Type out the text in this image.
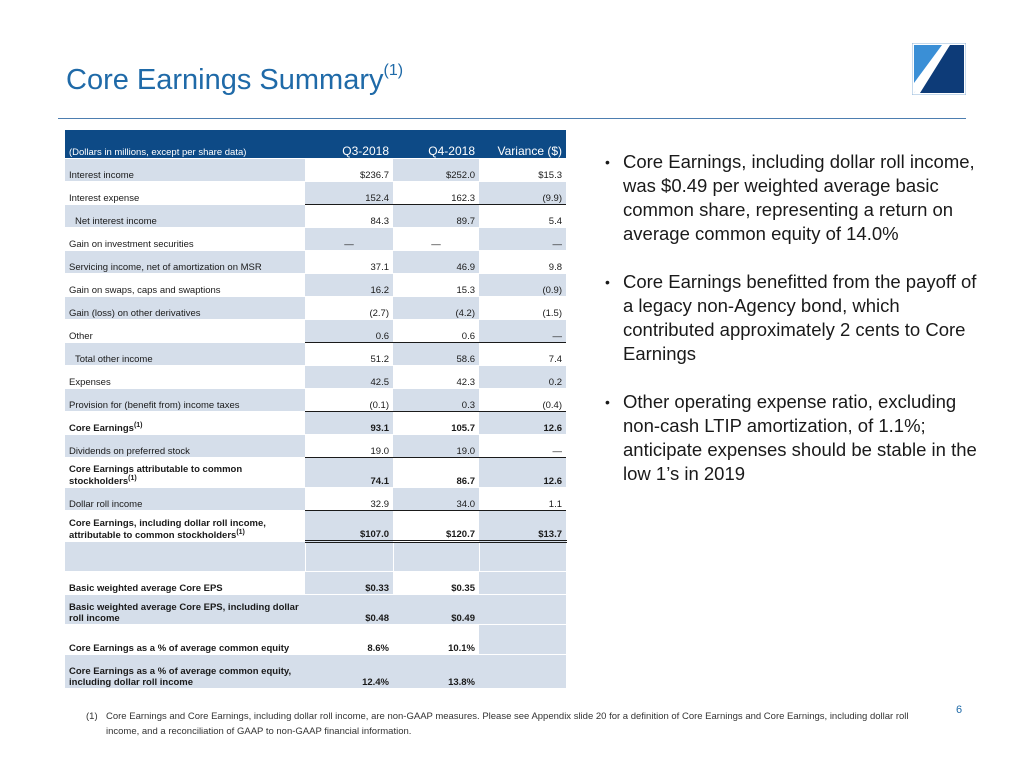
Core Earnings Summary$^{(1)}$
(Dollars in millions, except per share data)	Q3-2018	Q4-2018	Variance ($)
Interest income	$236.7	$252.0	$15.3
Interest expense	152.4	162.3	(9.9)
Net interest income	84.3	89.7	5.4
Gain on investment securities	—	—	—
Servicing income, net of amortization on MSR	37.1	46.9	9.8
Gain on swaps, caps and swaptions	16.2	15.3	(0.9)
Gain (loss) on other derivatives	(2.7)	(4.2)	(1.5)
Other	0.6	0.6	—
Total other income	51.2	58.6	7.4
Expenses	42.5	42.3	0.2
Provision for (benefit from) income taxes	(0.1)	0.3	(0.4)
Core Earnings$^{(1)}$	93.1	105.7	12.6
Dividends on preferred stock	19.0	19.0	—
Core Earnings attributable to common stockholders$^{(1)}$	74.1	86.7	12.6
Dollar roll income	32.9	34.0	1.1
Core Earnings, including dollar roll income, attributable to common stockholders$^{(1)}$	$107.0	$120.7	$13.7

Basic weighted average Core EPS	$0.33	$0.35	
Basic weighted average Core EPS, including dollar roll income	$0.48	$0.49	
Core Earnings as a % of average common equity	8.6%	10.1%	
Core Earnings as a % of average common equity, including dollar roll income	12.4%	13.8%	
• Core Earnings, including dollar roll income, was $0.49 per weighted average basic common share, representing a return on average common equity of 14.0%
• Core Earnings benefitted from the payoff of a legacy non-Agency bond, which contributed approximately 2 cents to Core Earnings
• Other operating expense ratio, excluding non-cash LTIP amortization, of 1.1%; anticipate expenses should be stable in the low 1’s in 2019
(1) Core Earnings and Core Earnings, including dollar roll income, are non-GAAP measures. Please see Appendix slide 20 for a definition of Core Earnings and Core Earnings, including dollar roll income, and a reconciliation of GAAP to non-GAAP financial information.
6
